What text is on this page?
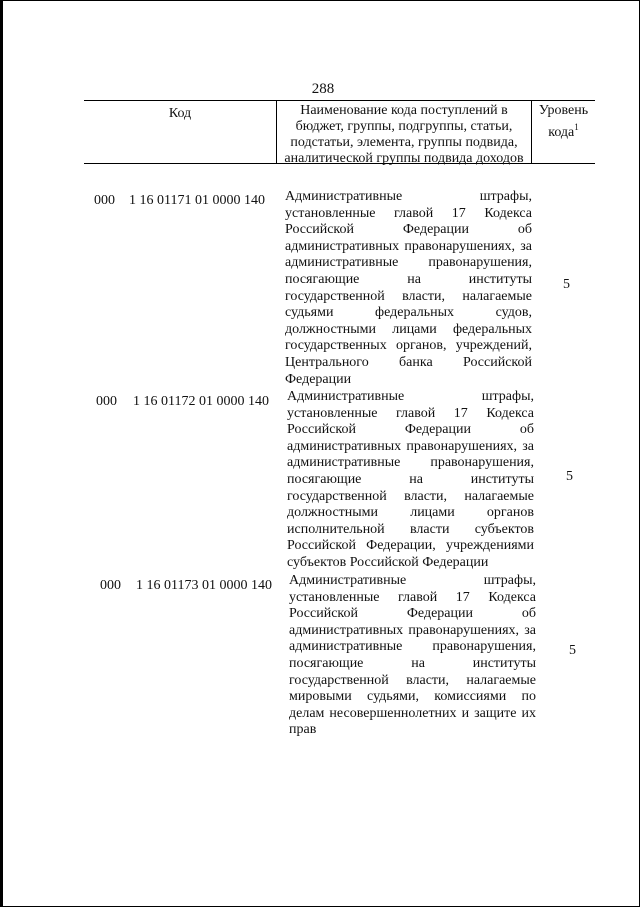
288
Код	Наименование кода поступлений в бюджет, группы, подгруппы, статьи, подстатьи, элемента, группы подвида, аналитической группы подвида доходов
Уровень кода$^1$
000 1 16 01171 01 0000 140 Административные штрафы, установленные главой 17 Кодекса Российской Федерации об административных правонарушениях, за административные правонарушения, посягающие на институты государственной власти, налагаемые судьями федеральных судов, должностными лицами федеральных государственных органов, учреждений, Центрального банка Российской Федерации
5
000 1 16 01172 01 0000 140 Административные штрафы, установленные главой 17 Кодекса Российской Федерации об административных правонарушениях, за административные правонарушения, посягающие на институты государственной власти, налагаемые должностными лицами органов исполнительной власти субъектов Российской Федерации, учреждениями субъектов Российской Федерации
5
000 1 16 01173 01 0000 140 Административные штрафы, установленные главой 17 Кодекса Российской Федерации об административных правонарушениях, за административные правонарушения, посягающие на институты государственной власти, налагаемые мировыми судьями, комиссиями по делам несовершеннолетних и защите их прав
5
